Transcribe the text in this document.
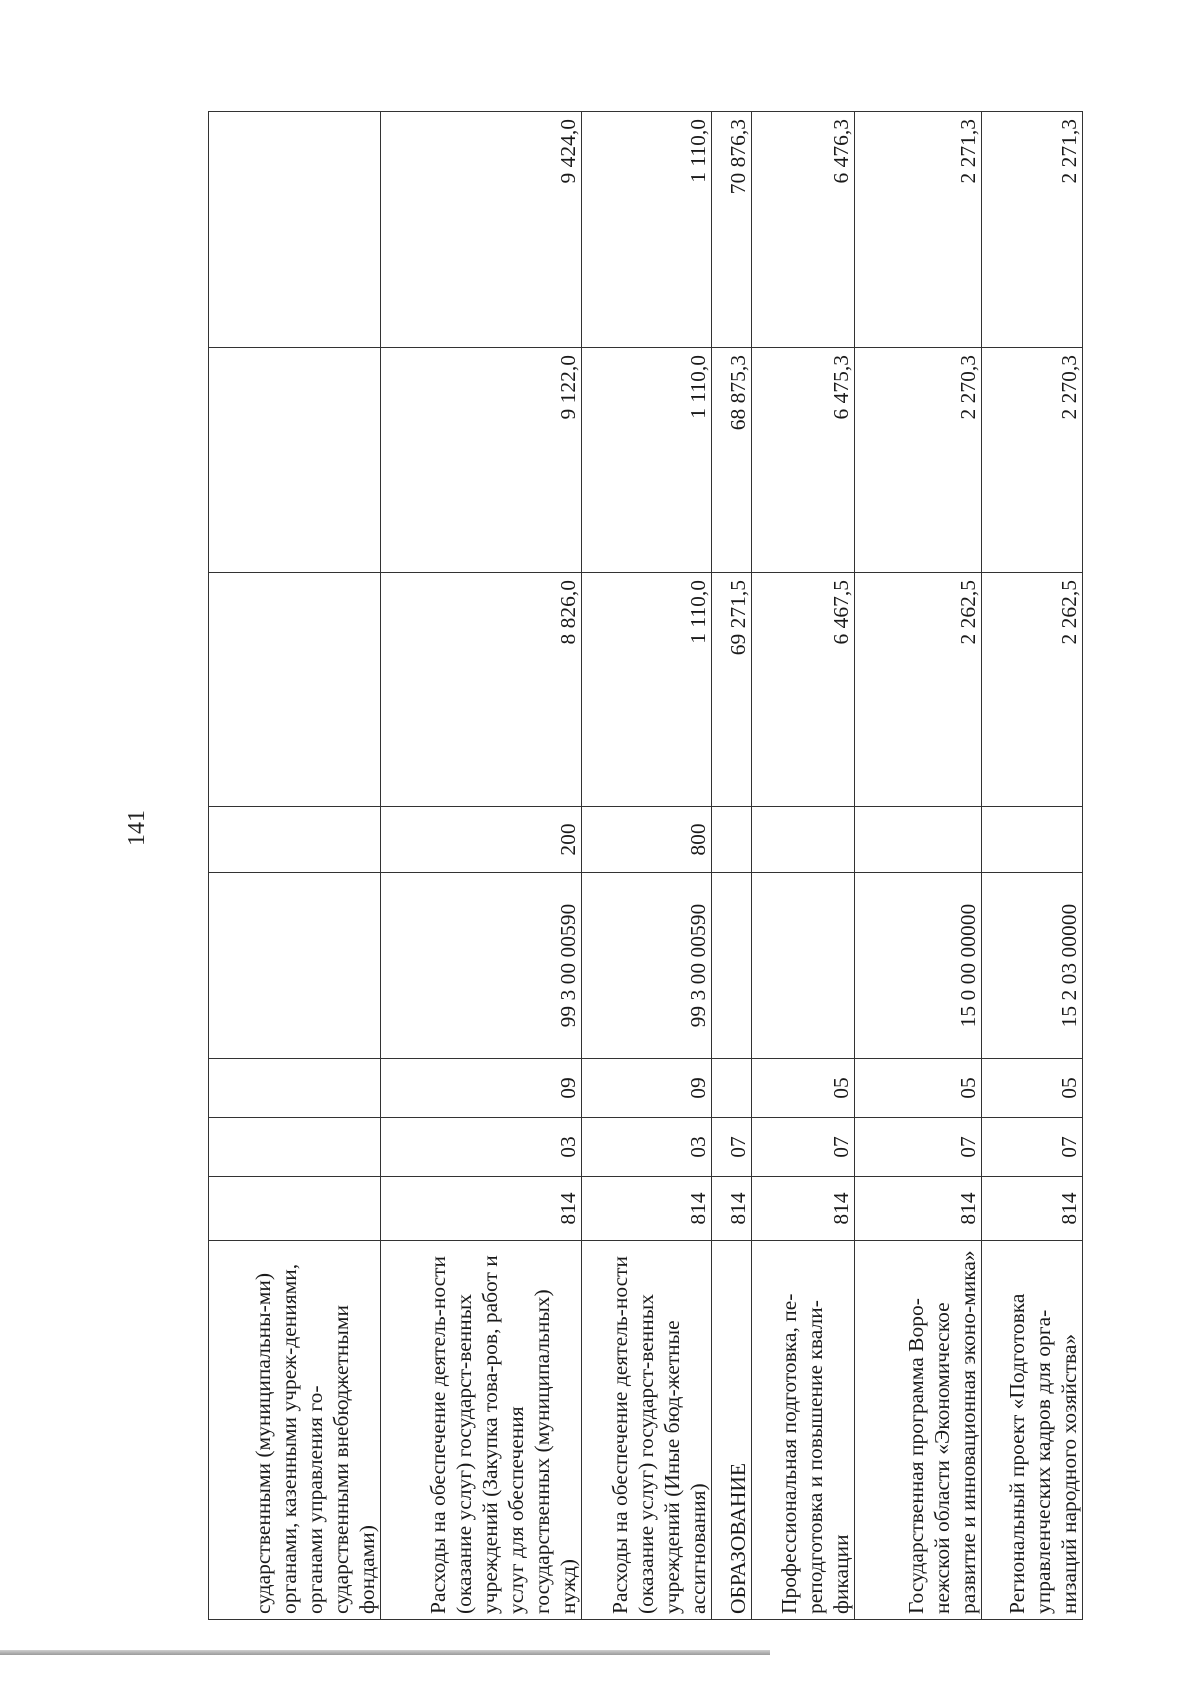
141
сударственными (муниципальны-ми) органами, казенными учреж-дениями, органами управления го-сударственными внебюджетными фондами)								
Расходы на обеспечение деятель-ности (оказание услуг) государст-венных учреждений (Закупка това-ров, работ и услуг для обеспечения государственных (муниципальных) нужд)	814	03	09	99 3 00 00590	200	8 826,0	9 122,0	9 424,0
Расходы на обеспечение деятель-ности (оказание услуг) государст-венных учреждений (Иные бюд-жетные ассигнования)	814	03	09	99 3 00 00590	800	1 110,0	1 110,0	1 110,0
ОБРАЗОВАНИЕ	814	07				69 271,5	68 875,3	70 876,3
Профессиональная подготовка, пе-реподготовка и повышение квали-фикации	814	07	05			6 467,5	6 475,3	6 476,3
Государственная программа Воро-нежской области «Экономическое развитие и инновационная эконо-мика»	814	07	05	15 0 00 00000		2 262,5	2 270,3	2 271,3
Региональный проект «Подготовка управленческих кадров для орга-низаций народного хозяйства»	814	07	05	15 2 03 00000		2 262,5	2 270,3	2 271,3
